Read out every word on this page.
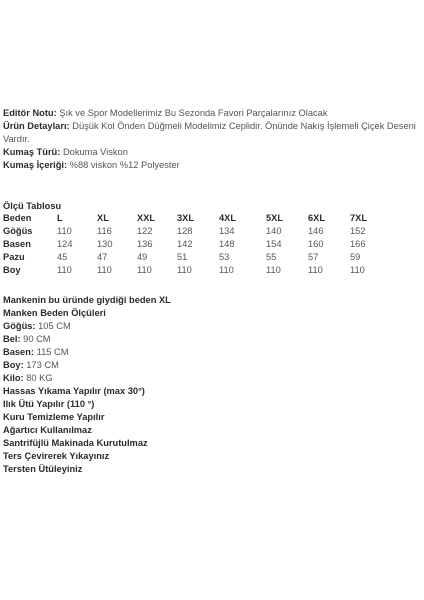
Editör Notu: Şık ve Spor Modellerimiz Bu Sezonda Favori Parçalarınız Olacak

Ürün Detayları: Düşük Kol Önden Düğmeli Modelimiz Ceplidir. Önünde Nakış İşlemeli Çiçek Deseni Vardır.

Kumaş Türü: Dokuma Viskon

Kumaş İçeriği: %88 viskon %12 Polyester

Ölçü Tablosu
Beden	L	XL	XXL	3XL	4XL	5XL	6XL	7XL
Göğüs	110	116	122	128	134	140	146	152
Basen	124	130	136	142	148	154	160	166
Pazu	45	47	49	51	53	55	57	59
Boy	110	110	110	110	110	110	110	110

Mankenin bu üründe giydiği beden XL

Manken Beden Ölçüleri

Göğüs: 105 CM

Bel: 90 CM

Basen: 115 CM

Boy: 173 CM

Kilo: 80 KG

Hassas Yıkama Yapılır (max 30°)

Ilık Ütü Yapılır (110 °)

Kuru Temizleme Yapılır

Ağartıcı Kullanılmaz

Santrifüjlü Makinada Kurutulmaz

Ters Çevirerek Yıkayınız

Tersten Ütüleyiniz
